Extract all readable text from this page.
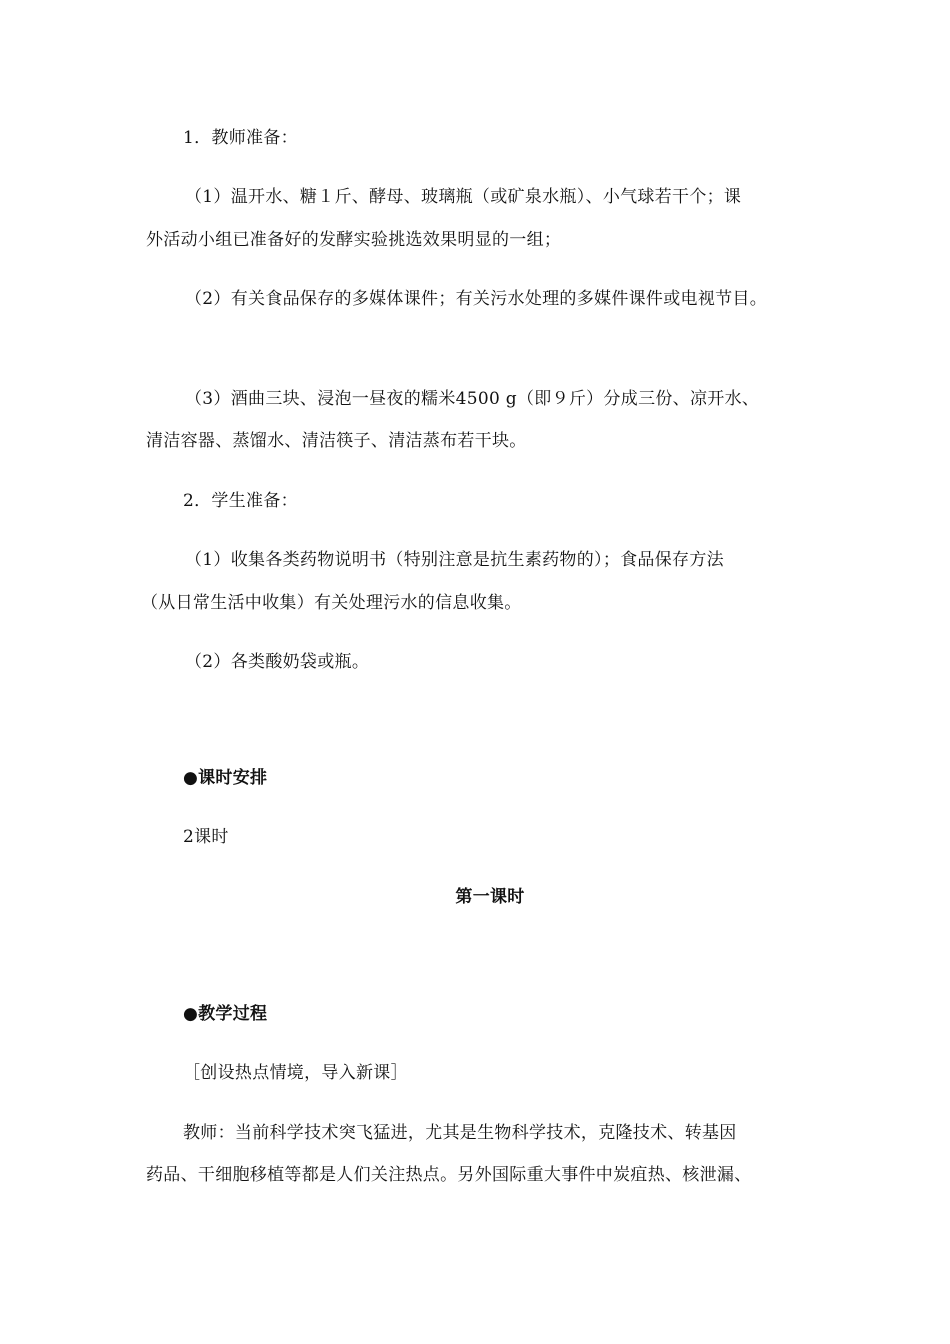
1．教师准备：
（1）温开水、糖１斤、酵母、玻璃瓶（或矿泉水瓶）、小气球若干个；课
外活动小组已准备好的发酵实验挑选效果明显的一组；
（2）有关食品保存的多媒体课件；有关污水处理的多媒件课件或电视节目。
（3）酒曲三块、浸泡一昼夜的糯米4500 g（即９斤）分成三份、凉开水、
清洁容器、蒸馏水、清洁筷子、清洁蒸布若干块。
2．学生准备：
（1）收集各类药物说明书（特别注意是抗生素药物的）；食品保存方法
（从日常生活中收集）有关处理污水的信息收集。
（2）各类酸奶袋或瓶。
●课时安排
2课时
第一课时
●教学过程
［创设热点情境，导入新课］
教师：当前科学技术突飞猛进，尤其是生物科学技术，克隆技术、转基因
药品、干细胞移植等都是人们关注热点。另外国际重大事件中炭疽热、核泄漏、
